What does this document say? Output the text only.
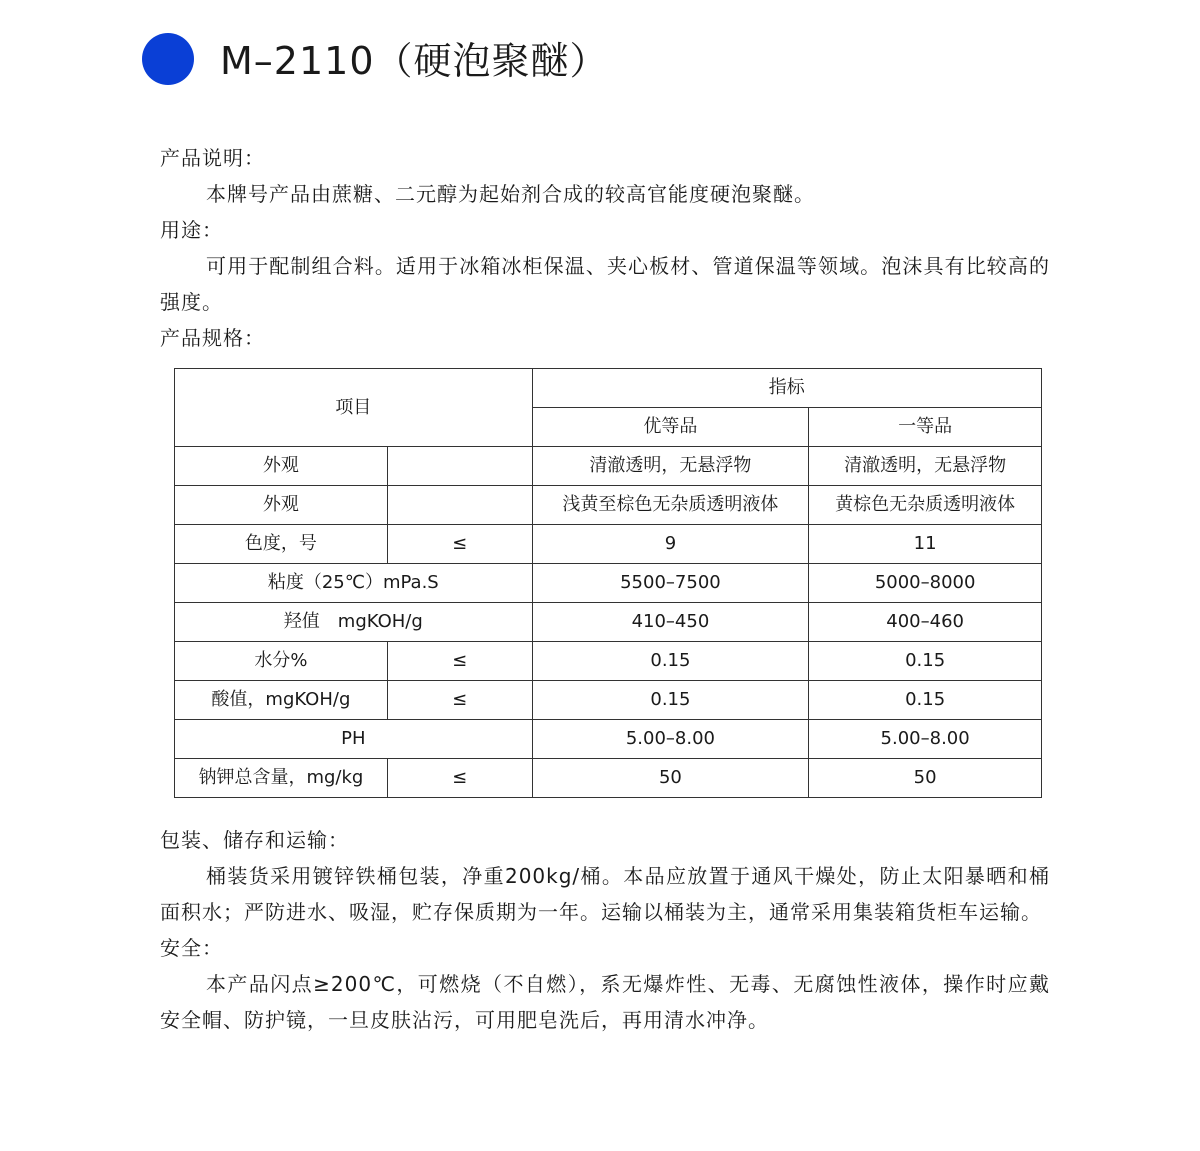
M–2110（硬泡聚醚）

产品说明：

本牌号产品由蔗糖、二元醇为起始剂合成的较高官能度硬泡聚醚。

用途：

可用于配制组合料。适用于冰箱冰柜保温、夹心板材、管道保温等领域。泡沫具有比较高的强度。

产品规格：

项目		指标	
		优等品	一等品
外观		清澈透明，无悬浮物	清澈透明，无悬浮物
外观		浅黄至棕色无杂质透明液体	黄棕色无杂质透明液体
色度，号	≤	9	11
粘度（25℃）mPa.S		5500–7500	5000–8000
羟值　mgKOH/g		410–450	400–460
水分%	≤	0.15	0.15
酸值，mgKOH/g	≤	0.15	0.15
PH		5.00–8.00	5.00–8.00
钠钾总含量，mg/kg	≤	50	50

包装、储存和运输：

桶装货采用镀锌铁桶包装，净重200kg/桶。本品应放置于通风干燥处，防止太阳暴晒和桶面积水；严防进水、吸湿，贮存保质期为一年。运输以桶装为主，通常采用集装箱货柜车运输。

安全：

本产品闪点≥200℃，可燃烧（不自燃），系无爆炸性、无毒、无腐蚀性液体，操作时应戴安全帽、防护镜，一旦皮肤沾污，可用肥皂洗后，再用清水冲净。
